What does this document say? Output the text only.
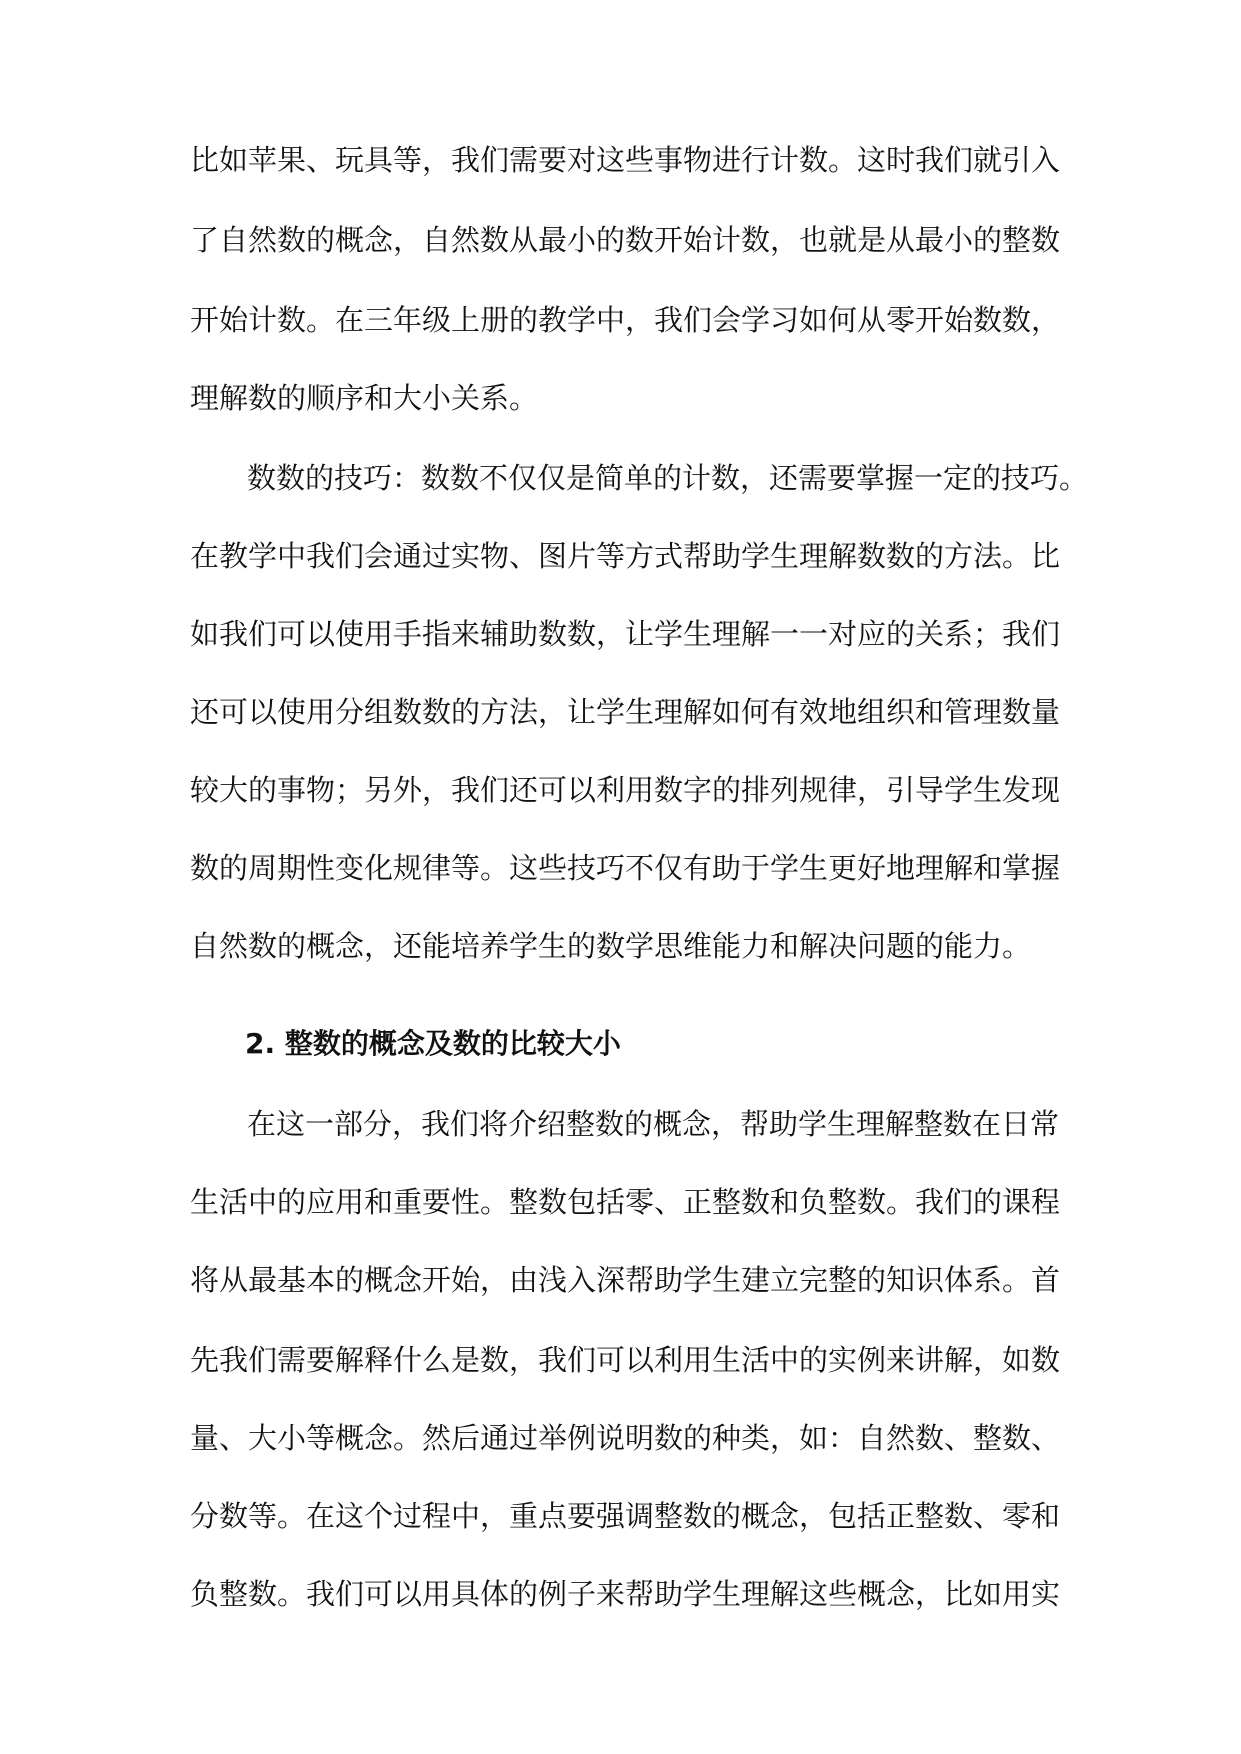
比如苹果、玩具等，我们需要对这些事物进行计数。这时我们就引入
了自然数的概念，自然数从最小的数开始计数，也就是从最小的整数
开始计数。在三年级上册的教学中，我们会学习如何从零开始数数，
理解数的顺序和大小关系。
数数的技巧：数数不仅仅是简单的计数，还需要掌握一定的技巧。
在教学中我们会通过实物、图片等方式帮助学生理解数数的方法。比
如我们可以使用手指来辅助数数，让学生理解一一对应的关系；我们
还可以使用分组数数的方法，让学生理解如何有效地组织和管理数量
较大的事物；另外，我们还可以利用数字的排列规律，引导学生发现
数的周期性变化规律等。这些技巧不仅有助于学生更好地理解和掌握
自然数的概念，还能培养学生的数学思维能力和解决问题的能力。
2. 整数的概念及数的比较大小
在这一部分，我们将介绍整数的概念，帮助学生理解整数在日常
生活中的应用和重要性。整数包括零、正整数和负整数。我们的课程
将从最基本的概念开始，由浅入深帮助学生建立完整的知识体系。首
先我们需要解释什么是数，我们可以利用生活中的实例来讲解，如数
量、大小等概念。然后通过举例说明数的种类，如：自然数、整数、
分数等。在这个过程中，重点要强调整数的概念，包括正整数、零和
负整数。我们可以用具体的例子来帮助学生理解这些概念，比如用实
